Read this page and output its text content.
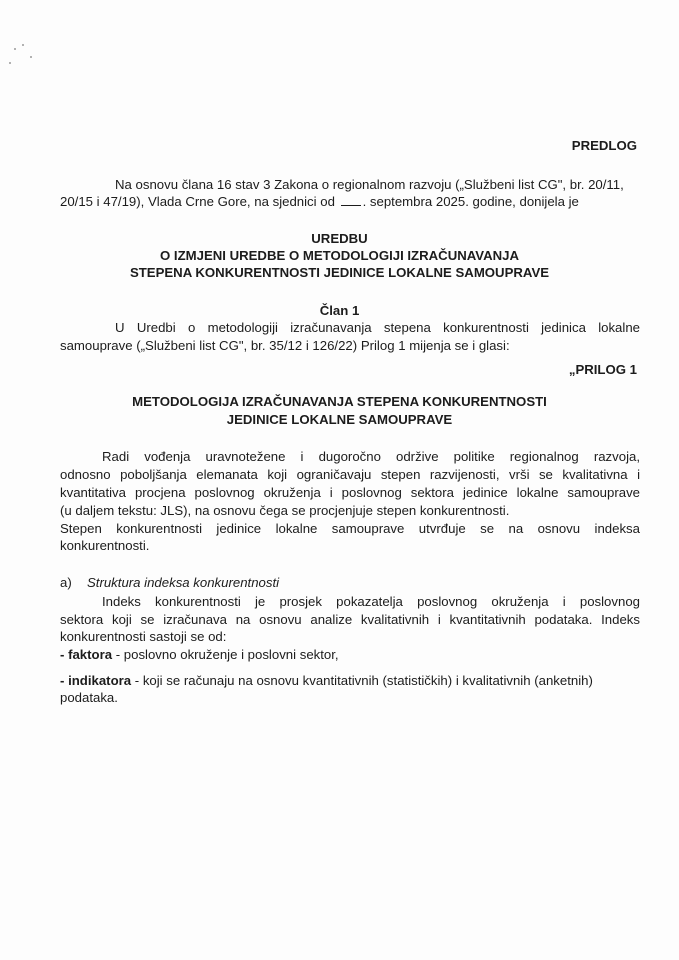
PREDLOG
Na osnovu člana 16 stav 3 Zakona o regionalnom razvoju („Službeni list CG", br. 20/11,
20/15 i 47/19), Vlada Crne Gore, na sjednici od . septembra 2025. godine, donijela je
UREDBU
O IZMJENI UREDBE O METODOLOGIJI IZRAČUNAVANJA
STEPENA KONKURENTNOSTI JEDINICE LOKALNE SAMOUPRAVE
Član 1
U Uredbi o metodologiji izračunavanja stepena konkurentnosti jedinica lokalne
samouprave („Službeni list CG", br. 35/12 i 126/22) Prilog 1 mijenja se i glasi:
„PRILOG 1
METODOLOGIJA IZRAČUNAVANJA STEPENA KONKURENTNOSTI
JEDINICE LOKALNE SAMOUPRAVE
Radi vođenja uravnotežene i dugoročno održive politike regionalnog razvoja,
odnosno poboljšanja elemanata koji ograničavaju stepen razvijenosti, vrši se kvalitativna i
kvantitativa procjena poslovnog okruženja i poslovnog sektora jedinice lokalne samouprave
(u daljem tekstu: JLS), na osnovu čega se procjenjuje stepen konkurentnosti.
Stepen konkurentnosti jedinice lokalne samouprave utvrđuje se na osnovu indeksa
konkurentnosti.
a) Struktura indeksa konkurentnosti
Indeks konkurentnosti je prosjek pokazatelja poslovnog okruženja i poslovnog
sektora koji se izračunava na osnovu analize kvalitativnih i kvantitativnih podataka. Indeks
konkurentnosti sastoji se od:
- faktora - poslovno okruženje i poslovni sektor,
- indikatora - koji se računaju na osnovu kvantitativnih (statističkih) i kvalitativnih (anketnih)
podataka.
